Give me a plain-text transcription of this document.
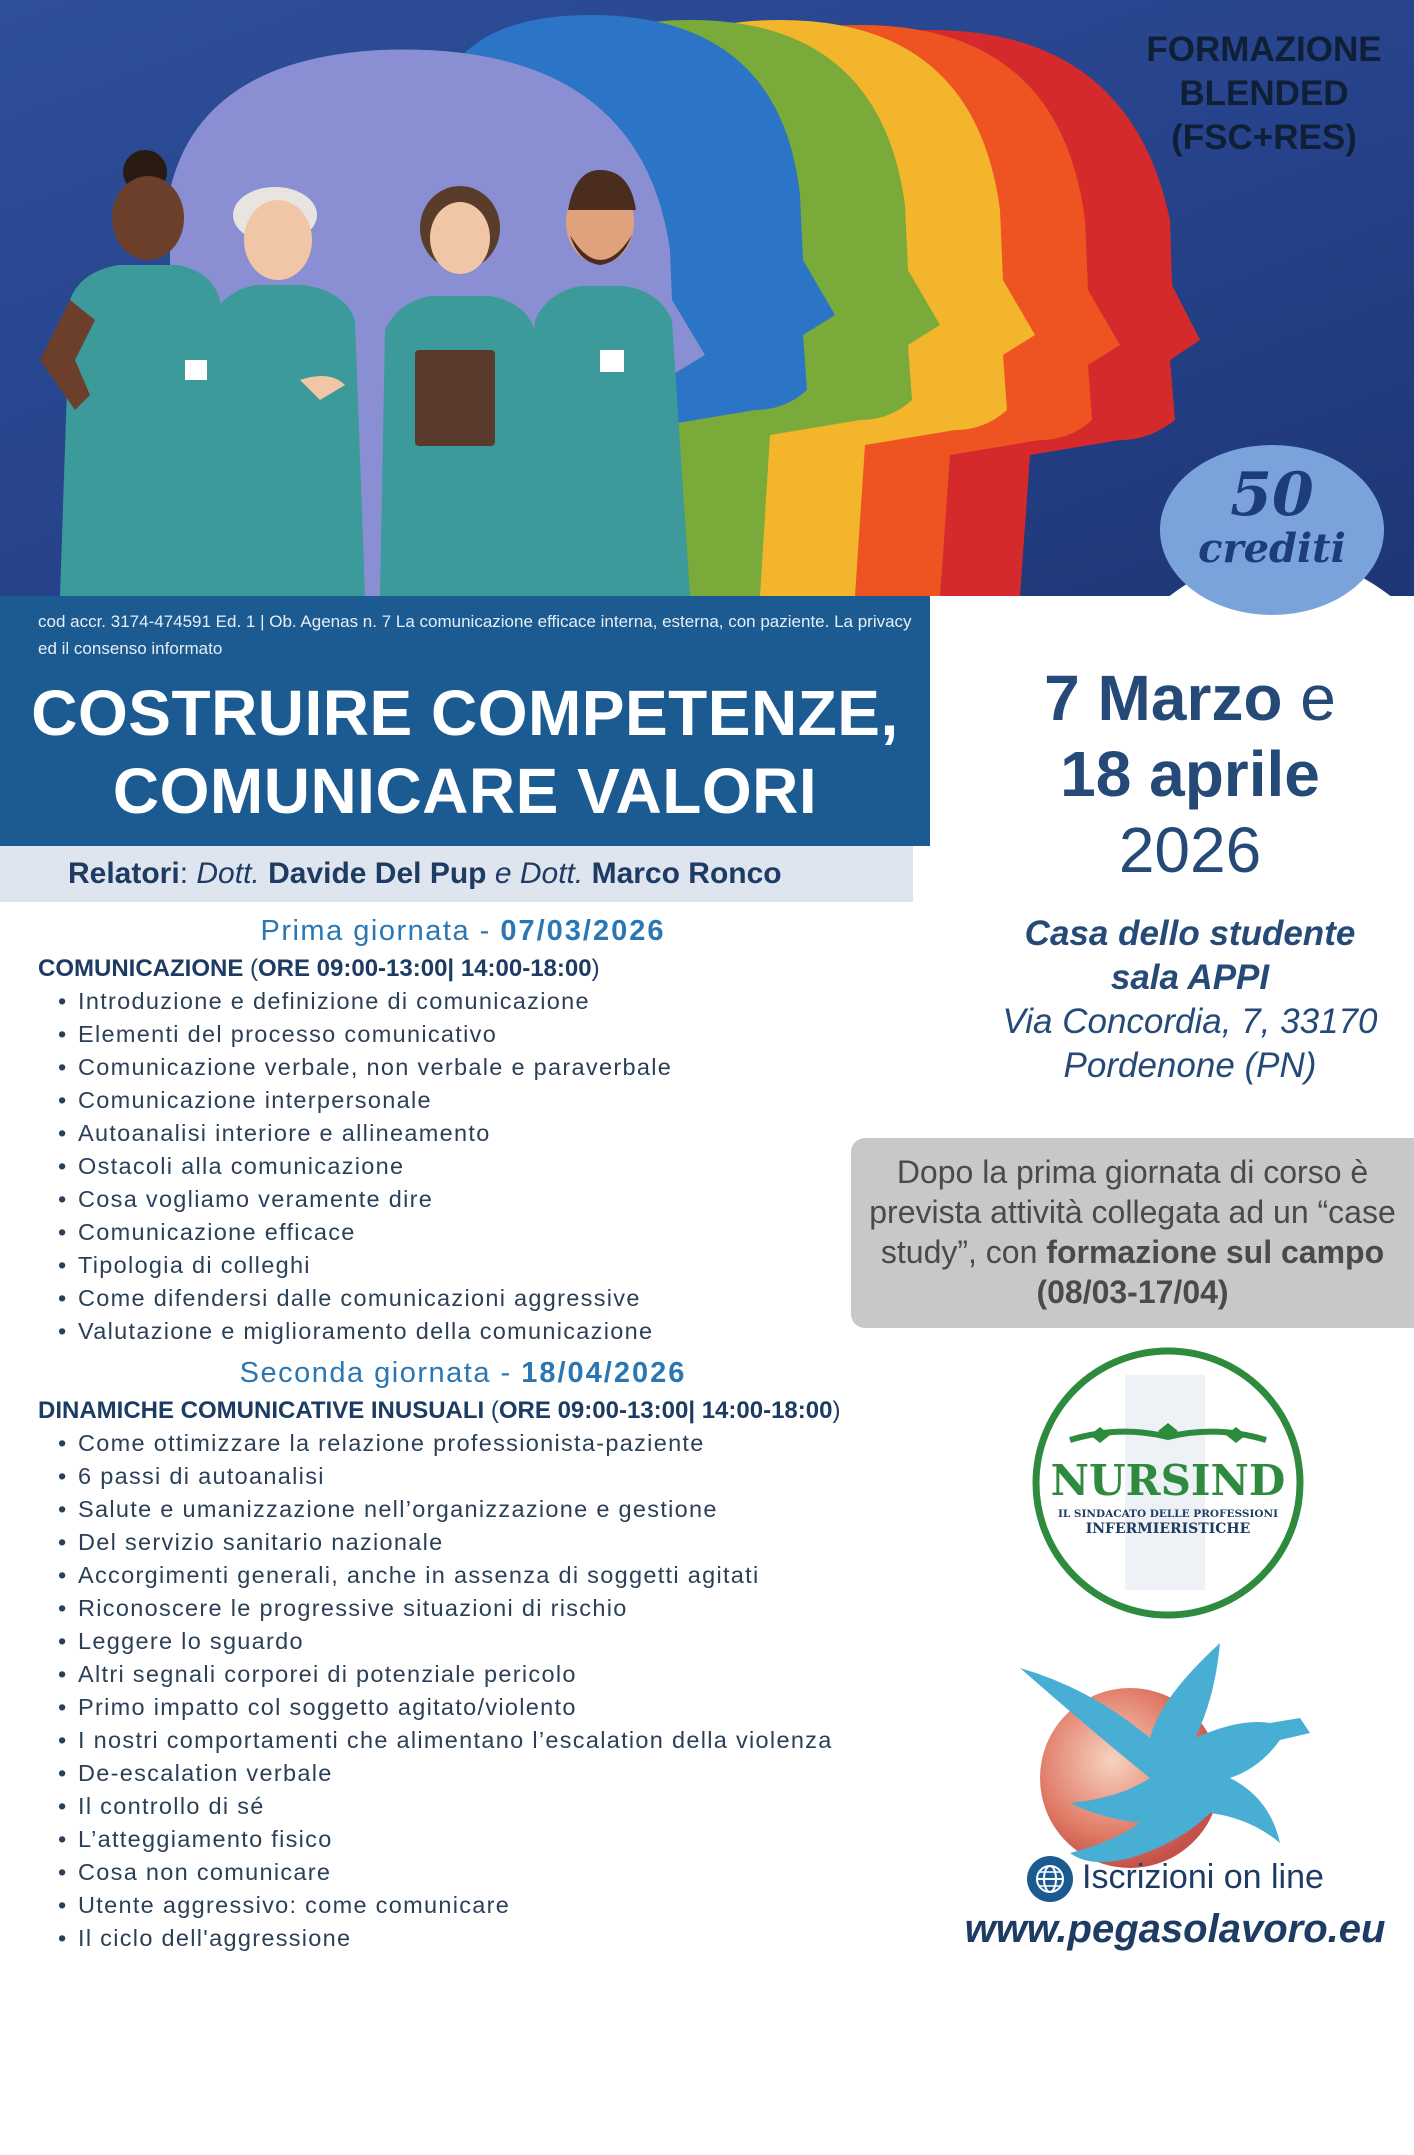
FORMAZIONE
BLENDED
(FSC+RES)
50
crediti
cod accr. 3174-474591 Ed. 1 | Ob. Agenas n. 7 La comunicazione efficace interna, esterna, con paziente. La privacy ed il consenso informato
COSTRUIRE COMPETENZE,
COMUNICARE VALORI
Relatori: Dott. Davide Del Pup e Dott. Marco Ronco
7 Marzo e
18 aprile
2026
Casa dello studente
sala APPI
Via Concordia, 7, 33170
Pordenone (PN)
Dopo la prima giornata di corso è prevista attività collegata ad un “case study”, con formazione sul campo (08/03-17/04)
Prima giornata - 07/03/2026
COMUNICAZIONE (ORE 09:00-13:00| 14:00-18:00)
• Introduzione e definizione di comunicazione
• Elementi del processo comunicativo
• Comunicazione verbale, non verbale e paraverbale
• Comunicazione interpersonale
• Autoanalisi interiore e allineamento
• Ostacoli alla comunicazione
• Cosa vogliamo veramente dire
• Comunicazione efficace
• Tipologia di colleghi
• Come difendersi dalle comunicazioni aggressive
• Valutazione e miglioramento della comunicazione
Seconda giornata - 18/04/2026
DINAMICHE COMUNICATIVE INUSUALI (ORE 09:00-13:00| 14:00-18:00)
• Come ottimizzare la relazione professionista-paziente
• 6 passi di autoanalisi
• Salute e umanizzazione nell’organizzazione e gestione
• Del servizio sanitario nazionale
• Accorgimenti generali, anche in assenza di soggetti agitati
• Riconoscere le progressive situazioni di rischio
• Leggere lo sguardo
• Altri segnali corporei di potenziale pericolo
• Primo impatto col soggetto agitato/violento
• I nostri comportamenti che alimentano l’escalation della violenza
• De-escalation verbale
• Il controllo di sé
• L’atteggiamento fisico
• Cosa non comunicare
• Utente aggressivo: come comunicare
• Il ciclo dell'aggressione
NURSIND
IL SINDACATO DELLE PROFESSIONI
INFERMIERISTICHE
Iscrizioni on line
www.pegasolavoro.eu
